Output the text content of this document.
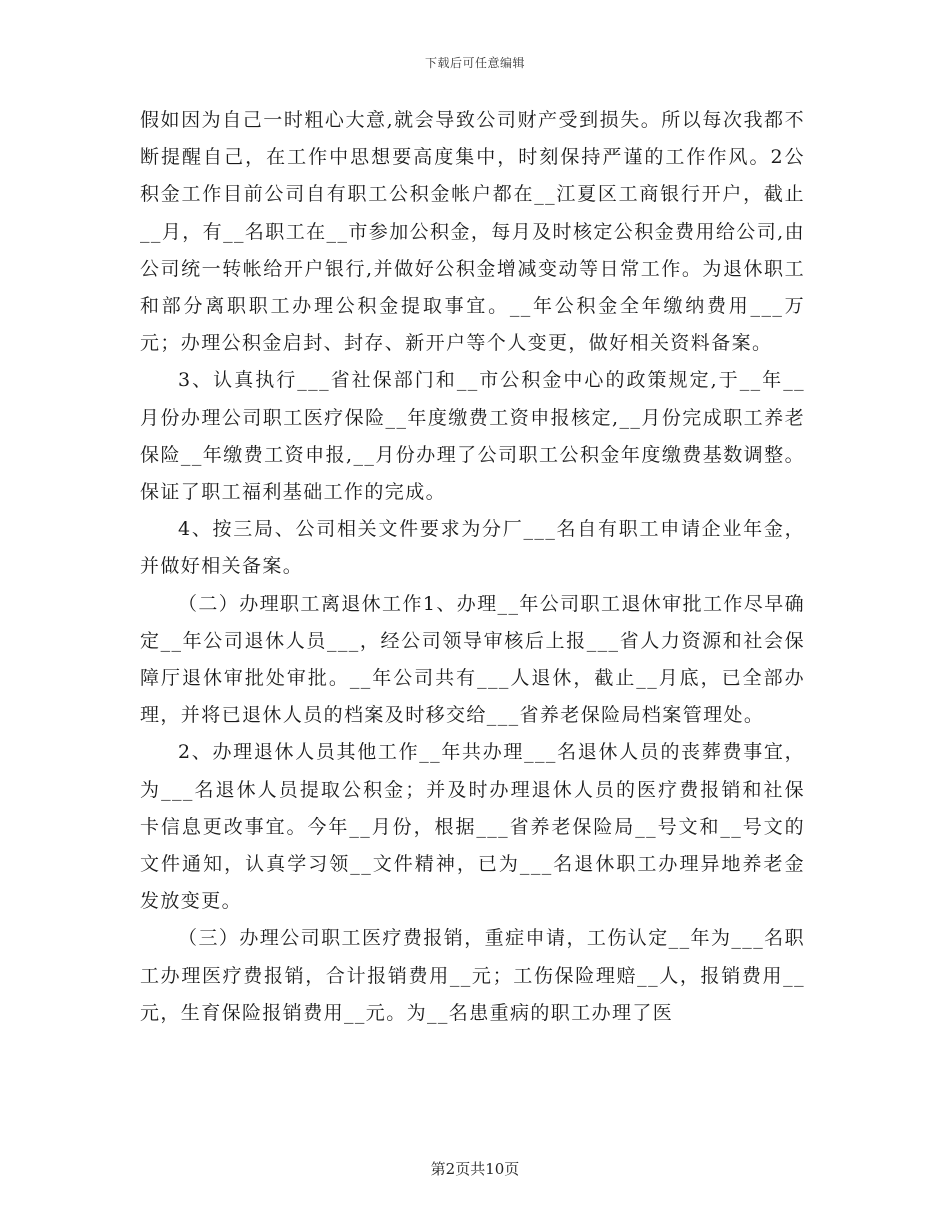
下载后可任意编辑

假如因为自己一时粗心大意,就会导致公司财产受到损失。所以每次我都不断提醒自己，在工作中思想要高度集中，时刻保持严谨的工作作风。2公积金工作目前公司自有职工公积金帐户都在__江夏区工商银行开户，截止__月，有__名职工在__市参加公积金，每月及时核定公积金费用给公司,由公司统一转帐给开户银行,并做好公积金增减变动等日常工作。为退休职工和部分离职职工办理公积金提取事宜。__年公积金全年缴纳费用___万元；办理公积金启封、封存、新开户等个人变更，做好相关资料备案。

3、认真执行___省社保部门和__市公积金中心的政策规定,于__年__月份办理公司职工医疗保险__年度缴费工资申报核定,__月份完成职工养老保险__年缴费工资申报,__月份办理了公司职工公积金年度缴费基数调整。保证了职工福利基础工作的完成。

4、按三局、公司相关文件要求为分厂___名自有职工申请企业年金，并做好相关备案。

（二）办理职工离退休工作1、办理__年公司职工退休审批工作尽早确定__年公司退休人员___，经公司领导审核后上报___省人力资源和社会保障厅退休审批处审批。__年公司共有___人退休，截止__月底，已全部办理，并将已退休人员的档案及时移交给___省养老保险局档案管理处。

2、办理退休人员其他工作__年共办理___名退休人员的丧葬费事宜，为___名退休人员提取公积金；并及时办理退休人员的医疗费报销和社保卡信息更改事宜。今年__月份，根据___省养老保险局__号文和__号文的文件通知，认真学习领__文件精神，已为___名退休职工办理异地养老金发放变更。

（三）办理公司职工医疗费报销，重症申请，工伤认定__年为___名职工办理医疗费报销，合计报销费用__元；工伤保险理赔__人，报销费用__元，生育保险报销费用__元。为__名患重病的职工办理了医

第2页共10页
